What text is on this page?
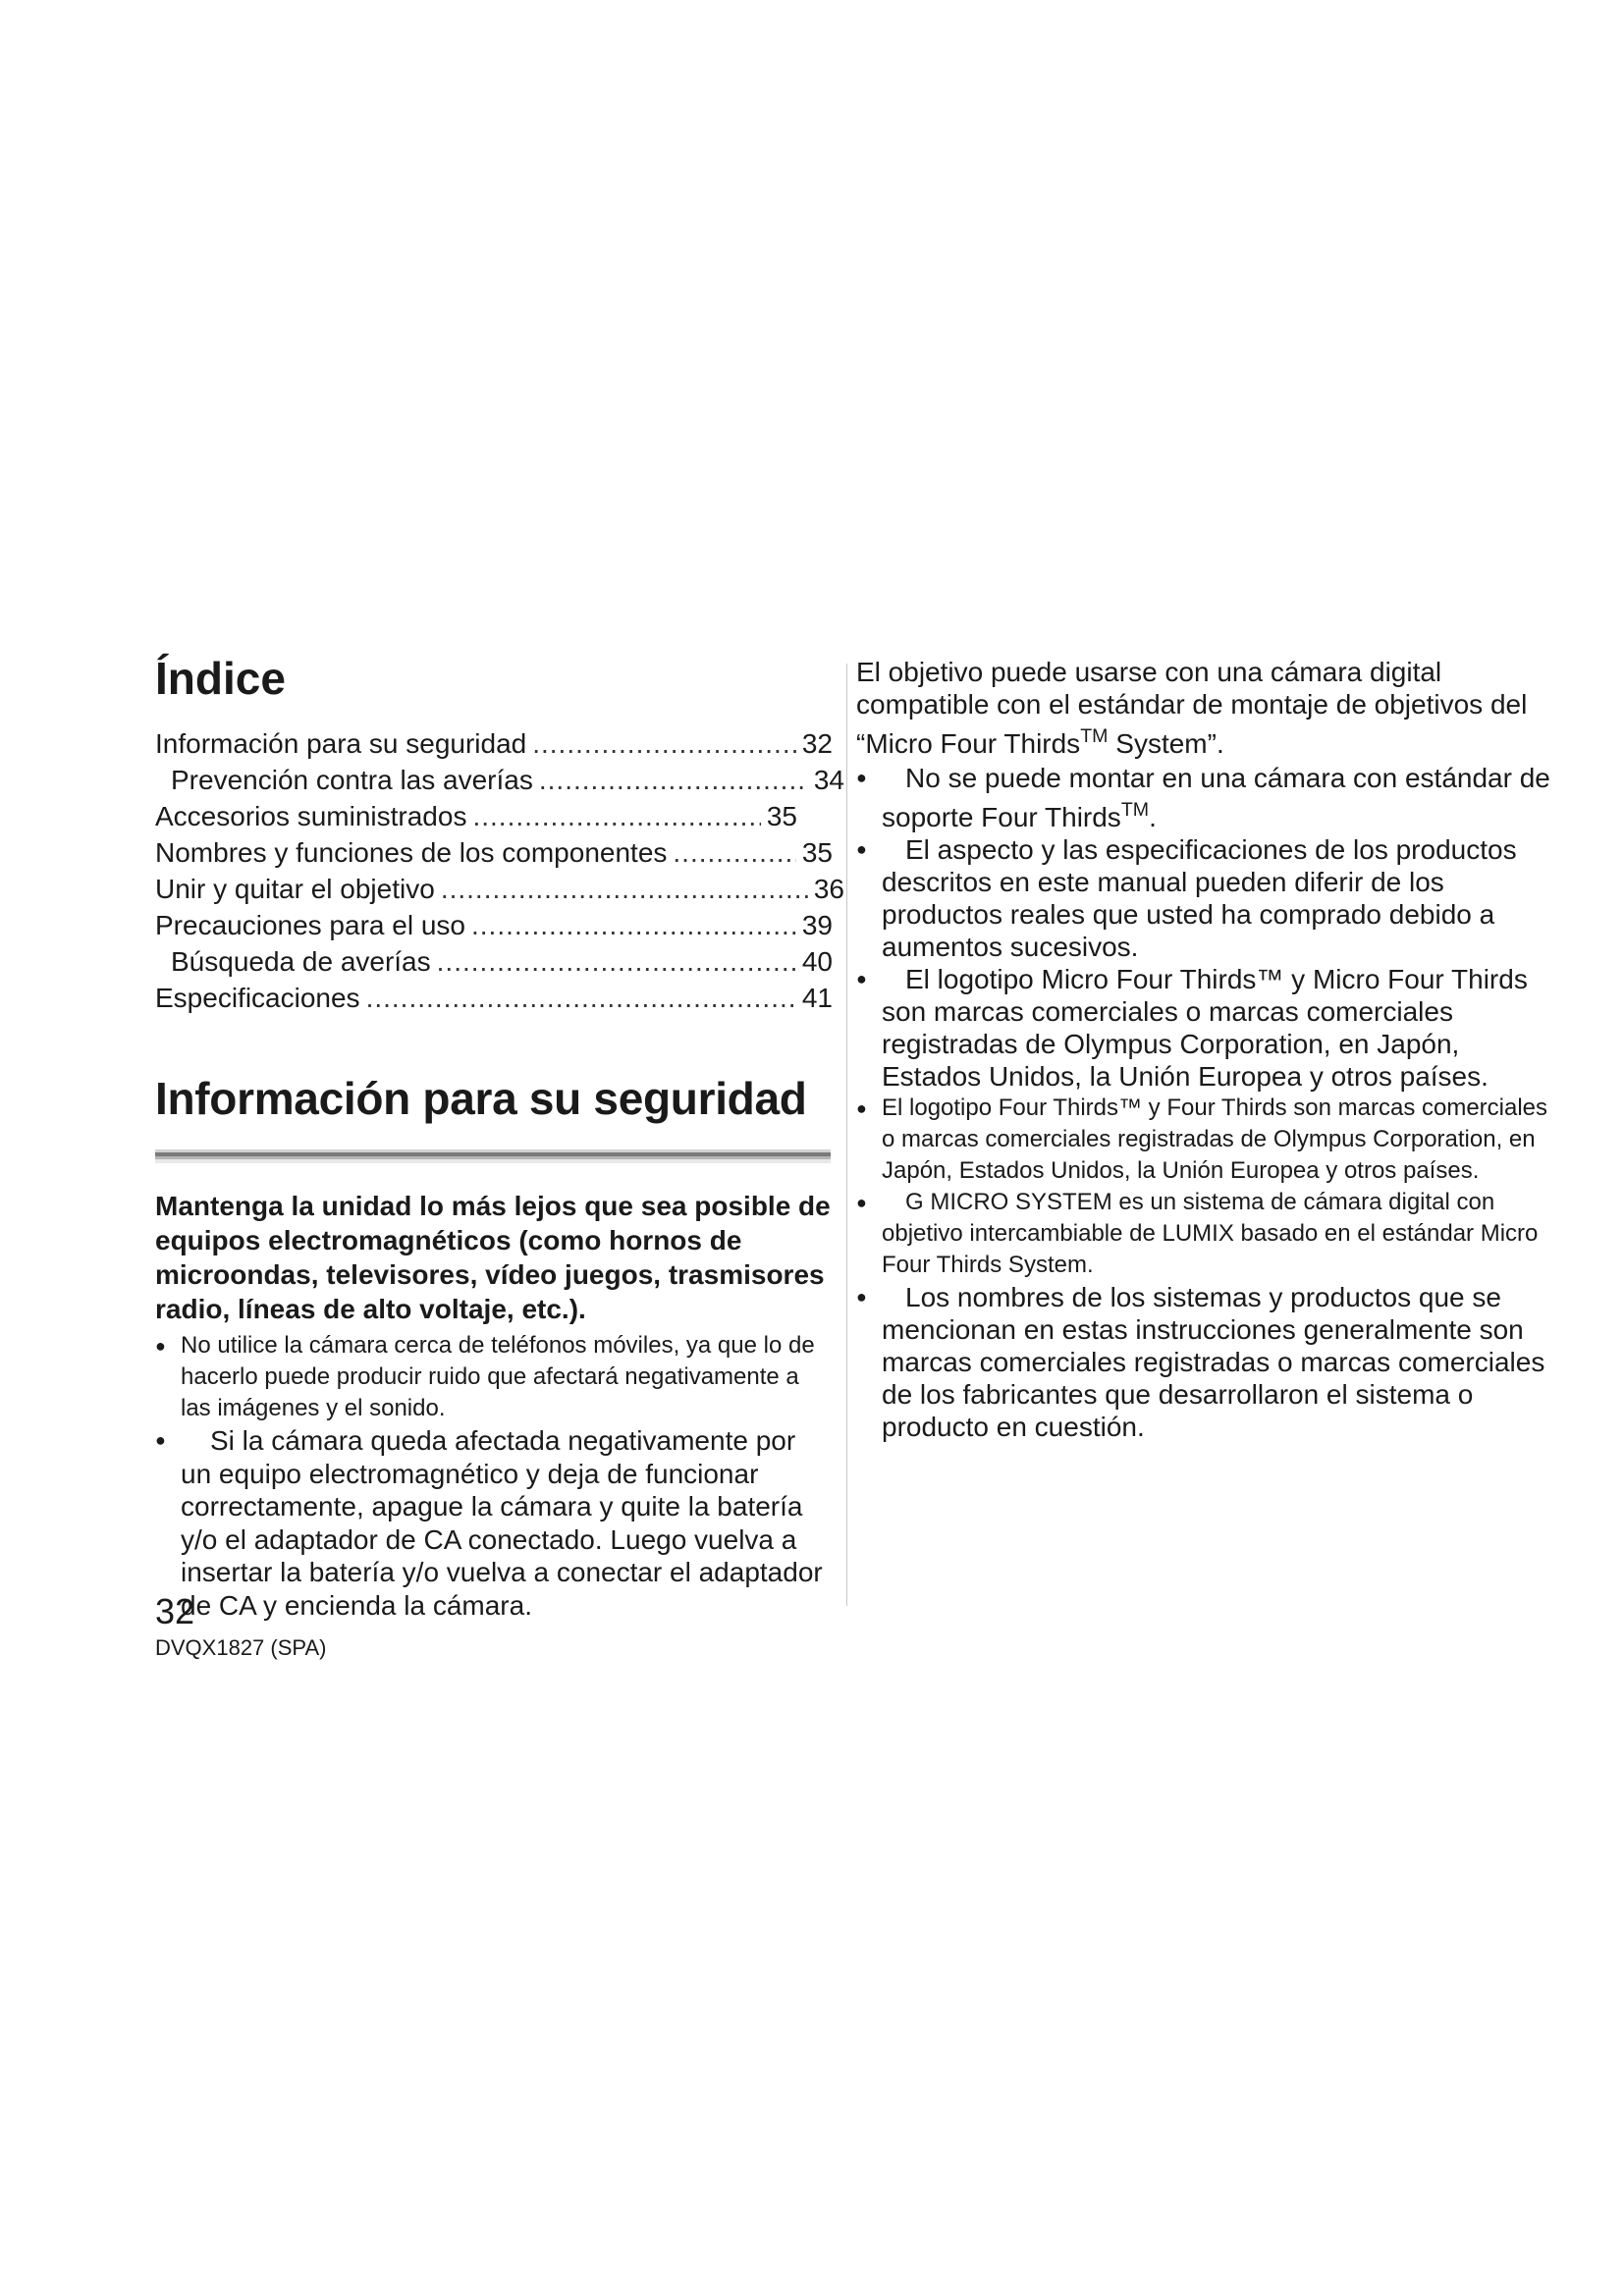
Índice
Información para su seguridad .....	32
Prevención contra las averías .....	34
Accesorios suministrados .....	35
Nombres y funciones de los componentes .....	35
Unir y quitar el objetivo .....	36
Precauciones para el uso .....	39
Búsqueda de averías .....	40
Especificaciones .....	41
Información para su seguridad

Mantenga la unidad lo más lejos que sea posible de equipos electromagnéticos (como hornos de microondas, televisores, vídeo juegos, trasmisores radio, líneas de alto voltaje, etc.).

● No utilice la cámara cerca de teléfonos móviles, ya que lo de hacerlo puede producir ruido que afectará negativamente a las imágenes y el sonido.
● Si la cámara queda afectada negativamente por un equipo electromagnético y deja de funcionar correctamente, apague la cámara y quite la batería y/o el adaptador de CA conectado. Luego vuelva a insertar la batería y/o vuelva a conectar el adaptador de CA y encienda la cámara.

El objetivo puede usarse con una cámara digital compatible con el estándar de montaje de objetivos del “Micro Four Thirds™ System”.

● No se puede montar en una cámara con estándar de soporte Four Thirds™.
● El aspecto y las especificaciones de los productos descritos en este manual pueden diferir de los productos reales que usted ha comprado debido a aumentos sucesivos.
● El logotipo Micro Four Thirds™ y Micro Four Thirds son marcas comerciales o marcas comerciales registradas de Olympus Corporation, en Japón, Estados Unidos, la Unión Europea y otros países.
● El logotipo Four Thirds™ y Four Thirds son marcas comerciales o marcas comerciales registradas de Olympus Corporation, en Japón, Estados Unidos, la Unión Europea y otros países.
● G MICRO SYSTEM es un sistema de cámara digital con objetivo intercambiable de LUMIX basado en el estándar Micro Four Thirds System.
● Los nombres de los sistemas y productos que se mencionan en estas instrucciones generalmente son marcas comerciales registradas o marcas comerciales de los fabricantes que desarrollaron el sistema o producto en cuestión.
32
DVQX1827 (SPA)
